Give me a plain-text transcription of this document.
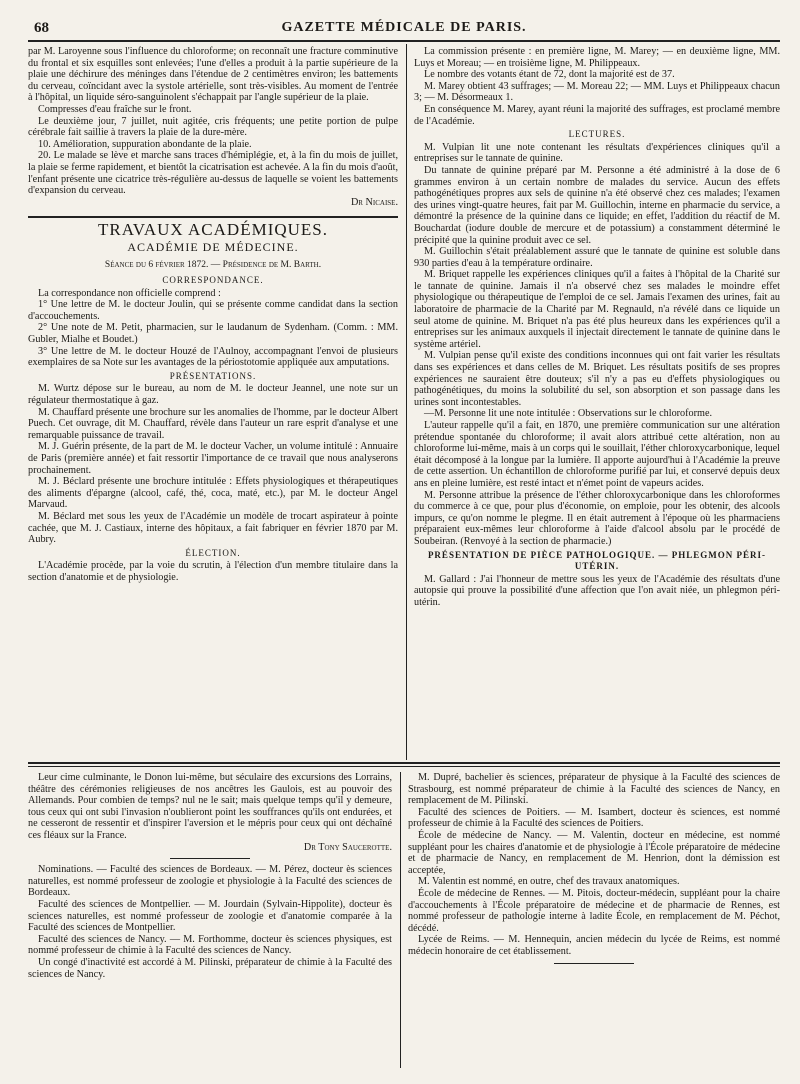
68	GAZETTE MÉDICALE DE PARIS.

par M. Laroyenne sous l'influence du chloroforme; on reconnaît une fracture comminutive du frontal et six esquilles sont enlevées; l'une d'elles a produit à la partie supérieure de la plaie une déchirure des méninges dans l'étendue de 2 centimètres environ; les battements du cerveau, coïncidant avec la systole artérielle, sont très-visibles. Au moment de l'entrée à l'hôpital, un liquide séro-sanguinolent s'échappait par l'angle supérieur de la plaie.

Compresses d'eau fraîche sur le front.

Le deuxième jour, 7 juillet, nuit agitée, cris fréquents; une petite portion de pulpe cérébrale fait saillie à travers la plaie de la dure-mère.

10. Amélioration, suppuration abondante de la plaie.

20. Le malade se lève et marche sans traces d'hémiplégie, et, à la fin du mois de juillet, la plaie se ferme rapidement, et bientôt la cicatrisation est achevée. A la fin du mois d'août, l'enfant présente une cicatrice très-régulière au-dessus de laquelle se voient les battements d'expansion du cerveau.

Dr Nicaise.

TRAVAUX ACADÉMIQUES.
ACADÉMIE DE MÉDECINE.
Séance du 6 février 1872. — Présidence de M. Barth.
CORRESPONDANCE.

La correspondance non officielle comprend :

1° Une lettre de M. le docteur Joulin, qui se présente comme candidat dans la section d'accouchements.

2° Une note de M. Petit, pharmacien, sur le laudanum de Sydenham. (Comm. : MM. Gubler, Mialhe et Boudet.)

3° Une lettre de M. le docteur Houzé de l'Aulnoy, accompagnant l'envoi de plusieurs exemplaires de sa Note sur les avantages de la périostotomie appliquée aux amputations.

PRÉSENTATIONS.

M. Wurtz dépose sur le bureau, au nom de M. le docteur Jeannel, une note sur un régulateur thermostatique à gaz.

M. Chauffard présente une brochure sur les anomalies de l'homme, par le docteur Albert Puech. Cet ouvrage, dit M. Chauffard, révèle dans l'auteur un rare esprit d'analyse et une remarquable puissance de travail.

M. J. Guérin présente, de la part de M. le docteur Vacher, un volume intitulé : Annuaire de Paris (première année) et fait ressortir l'importance de ce travail que nous analyserons prochainement.

M. J. Béclard présente une brochure intitulée : Effets physiologiques et thérapeutiques des aliments d'épargne (alcool, café, thé, coca, maté, etc.), par M. le docteur Angel Marvaud.

M. Béclard met sous les yeux de l'Académie un modèle de trocart aspirateur à pointe cachée, que M. J. Castiaux, interne des hôpitaux, a fait fabriquer en février 1870 par M. Aubry.

ÉLECTION.

L'Académie procède, par la voie du scrutin, à l'élection d'un membre titulaire dans la section d'anatomie et de physiologie.

La commission présente : en première ligne, M. Marey; — en deuxième ligne, MM. Luys et Moreau; — en troisième ligne, M. Philippeaux.

Le nombre des votants étant de 72, dont la majorité est de 37.

M. Marey obtient 43 suffrages; — M. Moreau 22; — MM. Luys et Philippeaux chacun 3; — M. Désormeaux 1.

En conséquence M. Marey, ayant réuni la majorité des suffrages, est proclamé membre de l'Académie.

LECTURES.

M. Vulpian lit une note contenant les résultats d'expériences cliniques qu'il a entreprises sur le tannate de quinine.

Du tannate de quinine préparé par M. Personne a été administré à la dose de 6 grammes environ à un certain nombre de malades du service. Aucun des effets pathogénétiques propres aux sels de quinine n'a été observé chez ces malades; l'examen des urines vingt-quatre heures, fait par M. Guillochin, interne en pharmacie du service, a démontré la présence de la quinine dans ce liquide; en effet, l'addition du réactif de M. Bouchardat (iodure double de mercure et de potassium) a constamment déterminé le précipité que la quinine produit avec ce sel.

M. Guillochin s'était préalablement assuré que le tannate de quinine est soluble dans 930 parties d'eau à la température ordinaire.

M. Briquet rappelle les expériences cliniques qu'il a faites à l'hôpital de la Charité sur le tannate de quinine. Jamais il n'a observé chez ses malades le moindre effet physiologique ou thérapeutique de l'emploi de ce sel. Jamais l'examen des urines, fait au laboratoire de pharmacie de la Charité par M. Regnauld, n'a révélé dans ce liquide un seul atome de quinine. M. Briquet n'a pas été plus heureux dans les expériences qu'il a entreprises sur les animaux auxquels il injectait directement le tannate de quinine dans le système artériel.

M. Vulpian pense qu'il existe des conditions inconnues qui ont fait varier les résultats dans ses expériences et dans celles de M. Briquet. Les résultats positifs de ses propres expériences ne sauraient être douteux; s'il n'y a pas eu d'effets physiologiques ou pathogénétiques, du moins la solubilité du sel, son absorption et son passage dans les urines sont incontestables.

—M. Personne lit une note intitulée : Observations sur le chloroforme.

L'auteur rappelle qu'il a fait, en 1870, une première communication sur une altération prétendue spontanée du chloroforme; il avait alors attribué cette altération, non au chloroforme lui-même, mais à un corps qui le souillait, l'éther chloroxycarbonique, lequel était décomposé à la longue par la lumière. Il apporte aujourd'hui à l'Académie la preuve de cette assertion. Un échantillon de chloroforme purifié par lui, et conservé depuis deux ans en pleine lumière, est resté intact et n'émet point de vapeurs acides.

M. Personne attribue la présence de l'éther chloroxycarbonique dans les chloroformes du commerce à ce que, pour plus d'économie, on emploie, pour les obtenir, des alcools impurs, ce qu'on nomme le plegme. Il en était autrement à l'époque où les pharmaciens préparaient eux-mêmes leur chloroforme à l'aide d'alcool absolu par le procédé de Soubeiran. (Renvoyé à la section de pharmacie.)

PRÉSENTATION DE PIÈCE PATHOLOGIQUE. — PHLEGMON PÉRI-UTÉRIN.

M. Gallard : J'ai l'honneur de mettre sous les yeux de l'Académie des résultats d'une autopsie qui prouve la possibilité d'une affection que l'on avait niée, un phlegmon péri-utérin.

Leur cime culminante, le Donon lui-même, but séculaire des excursions des Lorrains, théâtre des cérémonies religieuses de nos ancêtres les Gaulois, est au pouvoir des Allemands. Pour combien de temps? nul ne le sait; mais quelque temps qu'il y demeure, tous ceux qui ont subi l'invasion n'oublieront point les souffrances qu'ils ont endurées, et ne cesseront de ressentir et d'inspirer l'aversion et le mépris pour ceux qui ont déchaîné ces fléaux sur la France.

Dr Tony Saucerotte.

Nominations. — Faculté des sciences de Bordeaux. — M. Pérez, docteur ès sciences naturelles, est nommé professeur de zoologie et physiologie à la Faculté des sciences de Bordeaux.

Faculté des sciences de Montpellier. — M. Jourdain (Sylvain-Hippolite), docteur ès sciences naturelles, est nommé professeur de zoologie et d'anatomie comparée à la Faculté des sciences de Montpellier.

Faculté des sciences de Nancy. — M. Forthomme, docteur ès sciences physiques, est nommé professeur de chimie à la Faculté des sciences de Nancy.

Un congé d'inactivité est accordé à M. Pilinski, préparateur de chimie à la Faculté des sciences de Nancy.

M. Dupré, bachelier ès sciences, préparateur de physique à la Faculté des sciences de Strasbourg, est nommé préparateur de chimie à la Faculté des sciences de Nancy, en remplacement de M. Pilinski.

Faculté des sciences de Poitiers. — M. Isambert, docteur ès sciences, est nommé professeur de chimie à la Faculté des sciences de Poitiers.

École de médecine de Nancy. — M. Valentin, docteur en médecine, est nommé suppléant pour les chaires d'anatomie et de physiologie à l'École préparatoire de médecine et de pharmacie de Nancy, en remplacement de M. Henrion, dont la démission est acceptée,

M. Valentin est nommé, en outre, chef des travaux anatomiques.

École de médecine de Rennes. — M. Pitois, docteur-médecin, suppléant pour la chaire d'accouchements à l'École préparatoire de médecine et de pharmacie de Rennes, est nommé professeur de pathologie interne à ladite École, en remplacement de M. Péchot, décédé.

Lycée de Reims. — M. Hennequin, ancien médecin du lycée de Reims, est nommé médecin honoraire de cet établissement.
